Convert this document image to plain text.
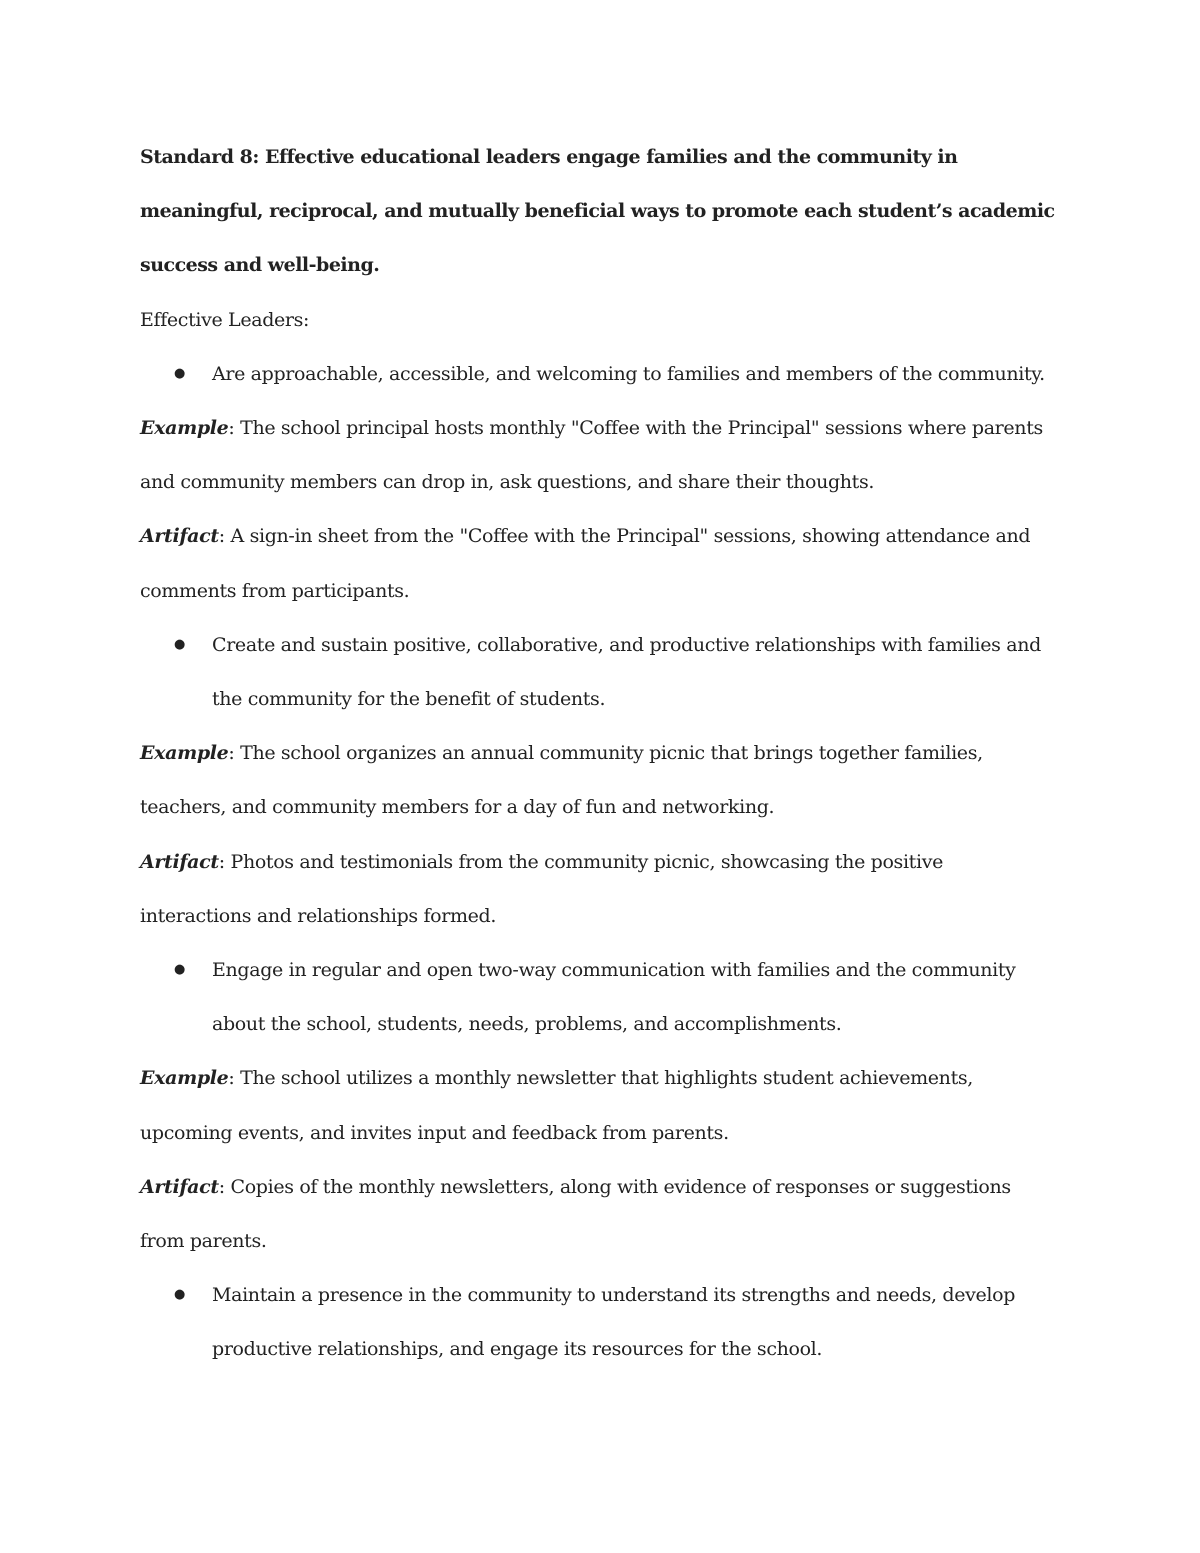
Standard 8: Effective educational leaders engage families and the community in
meaningful, reciprocal, and mutually beneficial ways to promote each student’s academic
success and well-being.
Effective Leaders:
● Are approachable, accessible, and welcoming to families and members of the community.
Example: The school principal hosts monthly "Coffee with the Principal" sessions where parents
and community members can drop in, ask questions, and share their thoughts.
Artifact: A sign-in sheet from the "Coffee with the Principal" sessions, showing attendance and
comments from participants.
● Create and sustain positive, collaborative, and productive relationships with families and
the community for the benefit of students.
Example: The school organizes an annual community picnic that brings together families,
teachers, and community members for a day of fun and networking.
Artifact: Photos and testimonials from the community picnic, showcasing the positive
interactions and relationships formed.
● Engage in regular and open two-way communication with families and the community
about the school, students, needs, problems, and accomplishments.
Example: The school utilizes a monthly newsletter that highlights student achievements,
upcoming events, and invites input and feedback from parents.
Artifact: Copies of the monthly newsletters, along with evidence of responses or suggestions
from parents.
● Maintain a presence in the community to understand its strengths and needs, develop
productive relationships, and engage its resources for the school.
